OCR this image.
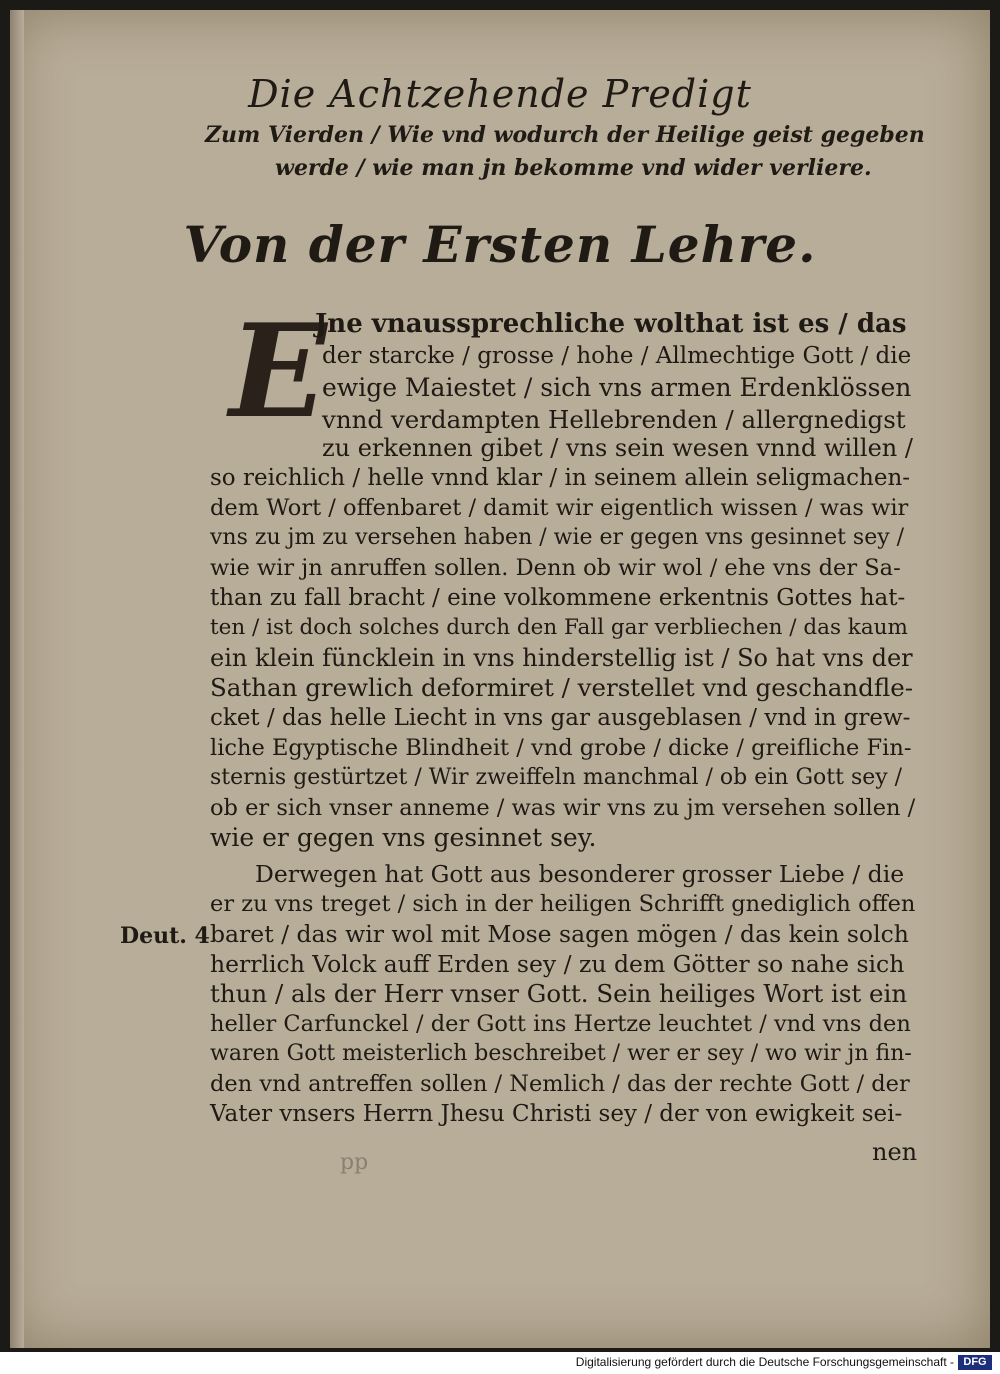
Die Achtzehende Predigt
Zum Vierden / Wie vnd wodurch der Heilige geist gegeben
werde / wie man jn bekomme vnd wider verliere.
Von der Ersten Lehre.
E
Jne vnaussprechliche wolthat ist es / das
der starcke / grosse / hohe / Allmechtige Gott / die
ewige Maiestet / sich vns armen Erdenklössen
vnnd verdampten Hellebrenden / allergnedigst
zu erkennen gibet / vns sein wesen vnnd willen /
so reichlich / helle vnnd klar / in seinem allein seligmachen-
dem Wort / offenbaret / damit wir eigentlich wissen / was wir
vns zu jm zu versehen haben / wie er gegen vns gesinnet sey /
wie wir jn anruffen sollen. Denn ob wir wol / ehe vns der Sa-
than zu fall bracht / eine volkommene erkentnis Gottes hat-
ten / ist doch solches durch den Fall gar verbliechen / das kaum
ein klein füncklein in vns hinderstellig ist / So hat vns der
Sathan grewlich deformiret / verstellet vnd geschandfle-
cket / das helle Liecht in vns gar ausgeblasen / vnd in grew-
liche Egyptische Blindheit / vnd grobe / dicke / greifliche Fin-
sternis gestürtzet / Wir zweiffeln manchmal / ob ein Gott sey /
ob er sich vnser anneme / was wir vns zu jm versehen sollen /
wie er gegen vns gesinnet sey.
Derwegen hat Gott aus besonderer grosser Liebe / die
er zu vns treget / sich in der heiligen Schrifft gnediglich offen
baret / das wir wol mit Mose sagen mögen / das kein solch
herrlich Volck auff Erden sey / zu dem Götter so nahe sich
thun / als der Herr vnser Gott. Sein heiliges Wort ist ein
heller Carfunckel / der Gott ins Hertze leuchtet / vnd vns den
waren Gott meisterlich beschreibet / wer er sey / wo wir jn fin-
den vnd antreffen sollen / Nemlich / das der rechte Gott / der
Vater vnsers Herrn Jhesu Christi sey / der von ewigkeit sei-
Deut. 4
pp	nen
Digitalisierung gefördert durch die Deutsche Forschungsgemeinschaft - DFG
